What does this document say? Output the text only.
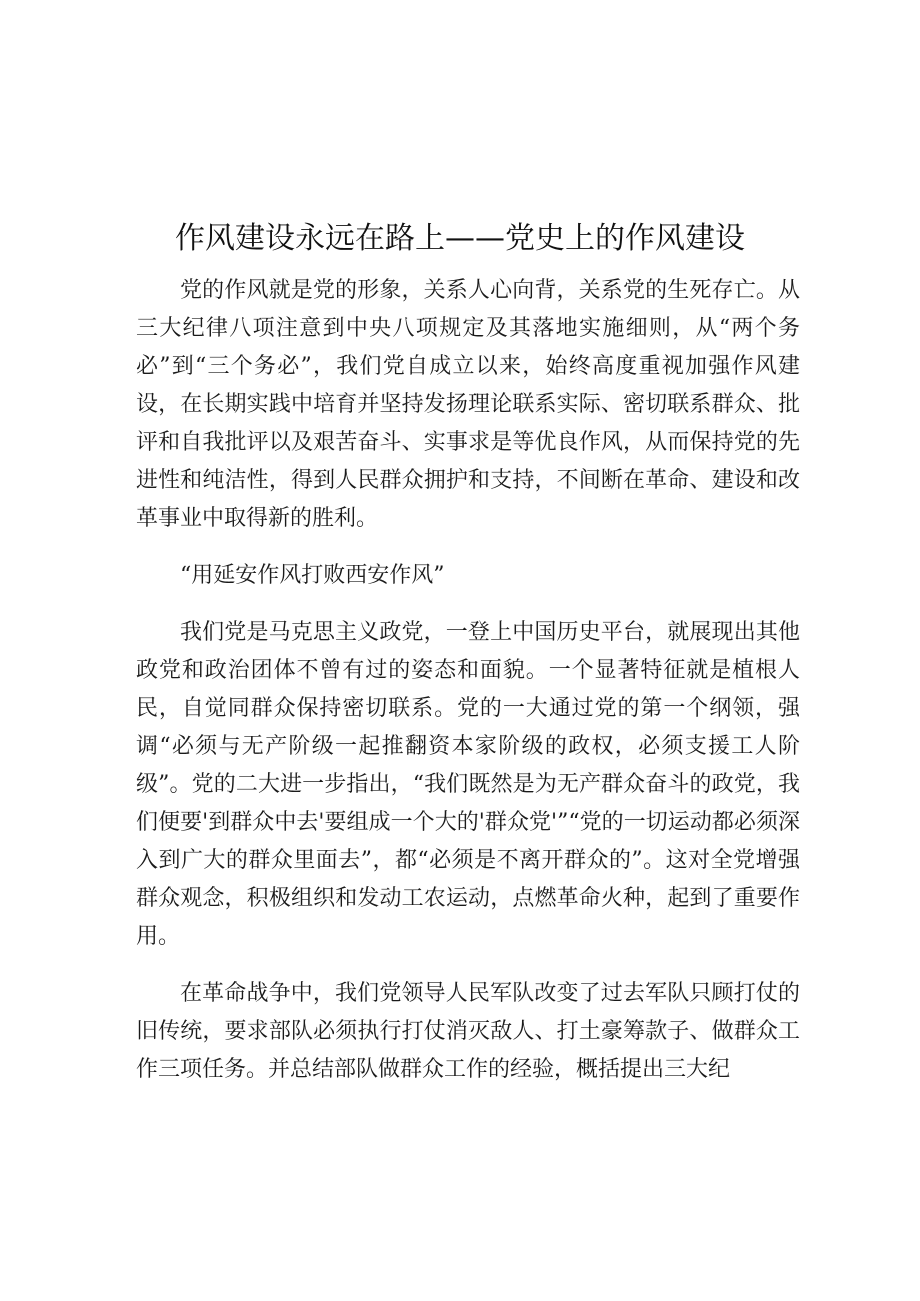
作风建设永远在路上——党史上的作风建设

党的作风就是党的形象，关系人心向背，关系党的生死存亡。从三大纪律八项注意到中央八项规定及其落地实施细则，从“两个务必”到“三个务必”，我们党自成立以来，始终高度重视加强作风建设，在长期实践中培育并坚持发扬理论联系实际、密切联系群众、批评和自我批评以及艰苦奋斗、实事求是等优良作风，从而保持党的先进性和纯洁性，得到人民群众拥护和支持，不间断在革命、建设和改革事业中取得新的胜利。

“用延安作风打败西安作风”

我们党是马克思主义政党，一登上中国历史平台，就展现出其他政党和政治团体不曾有过的姿态和面貌。一个显著特征就是植根人民，自觉同群众保持密切联系。党的一大通过党的第一个纲领，强调“必须与无产阶级一起推翻资本家阶级的政权，必须支援工人阶级”。党的二大进一步指出，“我们既然是为无产群众奋斗的政党，我们便要'到群众中去'要组成一个大的'群众党'”“党的一切运动都必须深入到广大的群众里面去”，都“必须是不离开群众的”。这对全党增强群众观念，积极组织和发动工农运动，点燃革命火种，起到了重要作用。

在革命战争中，我们党领导人民军队改变了过去军队只顾打仗的旧传统，要求部队必须执行打仗消灭敌人、打土豪筹款子、做群众工作三项任务。并总结部队做群众工作的经验，概括提出三大纪
